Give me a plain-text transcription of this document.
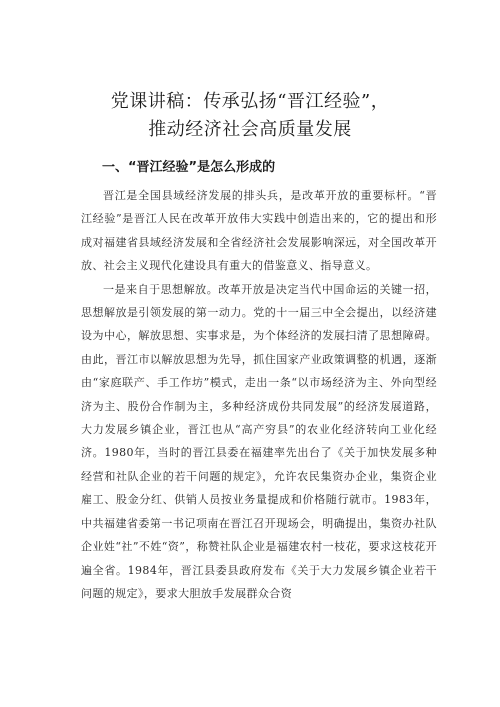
党课讲稿：传承弘扬“晋江经验”，
推动经济社会高质量发展
一、“晋江经验”是怎么形成的

晋江是全国县域经济发展的排头兵，是改革开放的重要标杆。“晋江经验”是晋江人民在改革开放伟大实践中创造出来的，它的提出和形成对福建省县域经济发展和全省经济社会发展影响深远，对全国改革开放、社会主义现代化建设具有重大的借鉴意义、指导意义。

一是来自于思想解放。改革开放是决定当代中国命运的关键一招，思想解放是引领发展的第一动力。党的十一届三中全会提出，以经济建设为中心，解放思想、实事求是，为个体经济的发展扫清了思想障碍。由此，晋江市以解放思想为先导，抓住国家产业政策调整的机遇，逐渐由“家庭联产、手工作坊”模式，走出一条“以市场经济为主、外向型经济为主、股份合作制为主，多种经济成份共同发展”的经济发展道路，大力发展乡镇企业，晋江也从“高产穷县”的农业化经济转向工业化经济。1980年，当时的晋江县委在福建率先出台了《关于加快发展多种经营和社队企业的若干问题的规定》，允许农民集资办企业，集资企业雇工、股金分红、供销人员按业务量提成和价格随行就市。1983年，中共福建省委第一书记项南在晋江召开现场会，明确提出，集资办社队企业姓“社”不姓“资”，称赞社队企业是福建农村一枝花，要求这枝花开遍全省。1984年，晋江县委县政府发布《关于大力发展乡镇企业若干问题的规定》，要求大胆放手发展群众合资
